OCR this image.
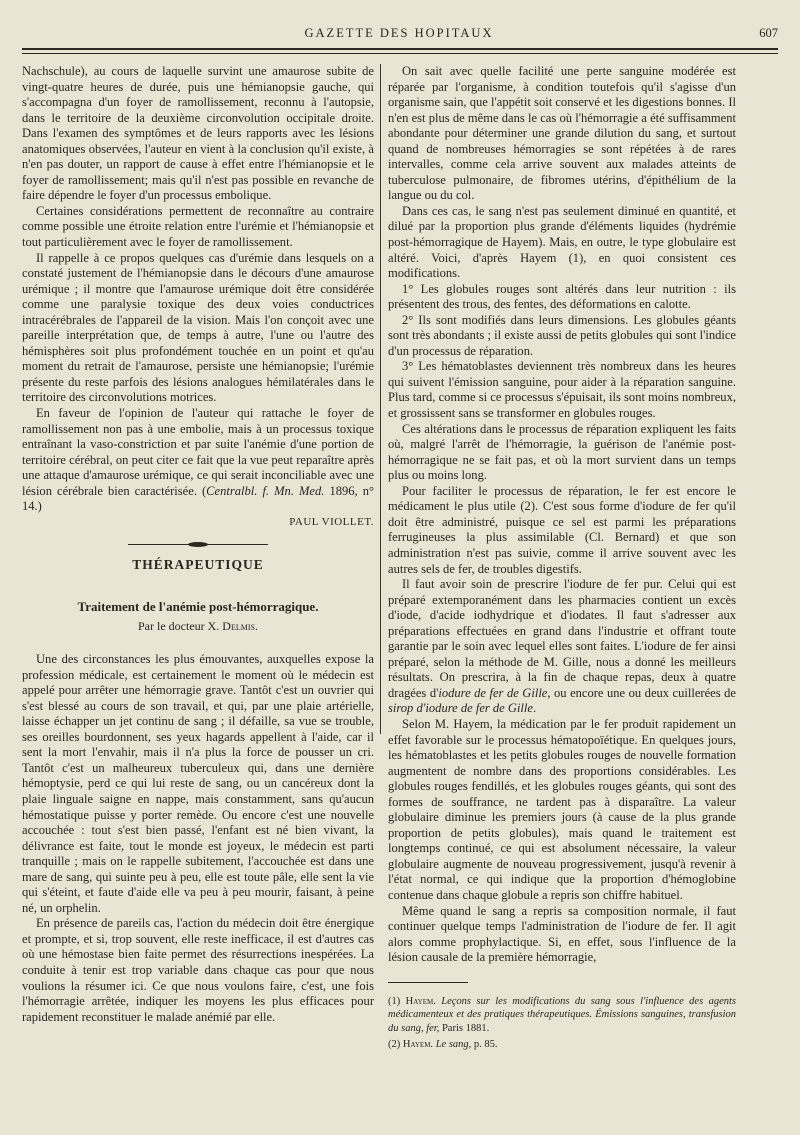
GAZETTE DES HOPITAUX	607

Nachschule), au cours de laquelle survint une amaurose subite de vingt-quatre heures de durée, puis une hémianopsie gauche, qui s'accompagna d'un foyer de ramollissement, reconnu à l'autopsie, dans le territoire de la deuxième circonvolution occipitale droite. Dans l'examen des symptômes et de leurs rapports avec les lésions anatomiques observées, l'auteur en vient à la conclusion qu'il existe, à n'en pas douter, un rapport de cause à effet entre l'hémianopsie et le foyer de ramollissement; mais qu'il n'est pas possible en revanche de faire dépendre le foyer d'un processus embolique.

Certaines considérations permettent de reconnaître au contraire comme possible une étroite relation entre l'urémie et l'hémianopsie et tout particulièrement avec le foyer de ramollissement.

Il rappelle à ce propos quelques cas d'urémie dans lesquels on a constaté justement de l'hémianopsie dans le décours d'une amaurose urémique ; il montre que l'amaurose urémique doit être considérée comme une paralysie toxique des deux voies conductrices intracérébrales de l'appareil de la vision. Mais l'on conçoit avec une pareille interprétation que, de temps à autre, l'une ou l'autre des hémisphères soit plus profondément touchée en un point et qu'au moment du retrait de l'amaurose, persiste une hémianopsie; l'urémie présente du reste parfois des lésions analogues hémilatérales dans le territoire des circonvolutions motrices.

En faveur de l'opinion de l'auteur qui rattache le foyer de ramollissement non pas à une embolie, mais à un processus toxique entraînant la vaso-constriction et par suite l'anémie d'une portion de territoire cérébral, on peut citer ce fait que la vue peut reparaître après une attaque d'amaurose urémique, ce qui serait inconciliable avec une lésion cérébrale bien caractérisée. (Centralbl. f. Mn. Med. 1896, n° 14.)

PAUL VIOLLET.
THÉRAPEUTIQUE
Traitement de l'anémie post-hémorragique.
Par le docteur X. Delmis.

Une des circonstances les plus émouvantes, auxquelles expose la profession médicale, est certainement le moment où le médecin est appelé pour arrêter une hémorragie grave. Tantôt c'est un ouvrier qui s'est blessé au cours de son travail, et qui, par une plaie artérielle, laisse échapper un jet continu de sang ; il défaille, sa vue se trouble, ses oreilles bourdonnent, ses yeux hagards appellent à l'aide, car il sent la mort l'envahir, mais il n'a plus la force de pousser un cri. Tantôt c'est un malheureux tuberculeux qui, dans une dernière hémoptysie, perd ce qui lui reste de sang, ou un cancéreux dont la plaie linguale saigne en nappe, mais constamment, sans qu'aucun hémostatique puisse y porter remède. Ou encore c'est une nouvelle accouchée : tout s'est bien passé, l'enfant est né bien vivant, la délivrance est faite, tout le monde est joyeux, le médecin est parti tranquille ; mais on le rappelle subitement, l'accouchée est dans une mare de sang, qui suinte peu à peu, elle est toute pâle, elle sent la vie qui s'éteint, et faute d'aide elle va peu à peu mourir, faisant, à peine né, un orphelin.

En présence de pareils cas, l'action du médecin doit être énergique et prompte, et si, trop souvent, elle reste inefficace, il est d'autres cas où une hémostase bien faite permet des résurrections inespérées. La conduite à tenir est trop variable dans chaque cas pour que nous voulions la résumer ici. Ce que nous voulons faire, c'est, une fois l'hémorragie arrêtée, indiquer les moyens les plus efficaces pour rapidement reconstituer le malade anémié par elle.

On sait avec quelle facilité une perte sanguine modérée est réparée par l'organisme, à condition toutefois qu'il s'agisse d'un organisme sain, que l'appétit soit conservé et les digestions bonnes. Il n'en est plus de même dans le cas où l'hémorragie a été suffisamment abondante pour déterminer une grande dilution du sang, et surtout quand de nombreuses hémorragies se sont répétées à de rares intervalles, comme cela arrive souvent aux malades atteints de tuberculose pulmonaire, de fibromes utérins, d'épithélium de la langue ou du col.

Dans ces cas, le sang n'est pas seulement diminué en quantité, et dilué par la proportion plus grande d'éléments liquides (hydrémie post-hémorragique de Hayem). Mais, en outre, le type globulaire est altéré. Voici, d'après Hayem (1), en quoi consistent ces modifications.

1° Les globules rouges sont altérés dans leur nutrition : ils présentent des trous, des fentes, des déformations en calotte.

2° Ils sont modifiés dans leurs dimensions. Les globules géants sont très abondants ; il existe aussi de petits globules qui sont l'indice d'un processus de réparation.

3° Les hématoblastes deviennent très nombreux dans les heures qui suivent l'émission sanguine, pour aider à la réparation sanguine. Plus tard, comme si ce processus s'épuisait, ils sont moins nombreux, et grossissent sans se transformer en globules rouges.

Ces altérations dans le processus de réparation expliquent les faits où, malgré l'arrêt de l'hémorragie, la guérison de l'anémie post-hémorragique ne se fait pas, et où la mort survient dans un temps plus ou moins long.

Pour faciliter le processus de réparation, le fer est encore le médicament le plus utile (2). C'est sous forme d'iodure de fer qu'il doit être administré, puisque ce sel est parmi les préparations ferrugineuses la plus assimilable (Cl. Bernard) et que son administration n'est pas suivie, comme il arrive souvent avec les autres sels de fer, de troubles digestifs.

Il faut avoir soin de prescrire l'iodure de fer pur. Celui qui est préparé extemporanément dans les pharmacies contient un excès d'iode, d'acide iodhydrique et d'iodates. Il faut s'adresser aux préparations effectuées en grand dans l'industrie et offrant toute garantie par le soin avec lequel elles sont faites. L'iodure de fer ainsi préparé, selon la méthode de M. Gille, nous a donné les meilleurs résultats. On prescrira, à la fin de chaque repas, deux à quatre dragées d'iodure de fer de Gille, ou encore une ou deux cuillerées de sirop d'iodure de fer de Gille.

Selon M. Hayem, la médication par le fer produit rapidement un effet favorable sur le processus hématopoïétique. En quelques jours, les hématoblastes et les petits globules rouges de nouvelle formation augmentent de nombre dans des proportions considérables. Les globules rouges fendillés, et les globules rouges géants, qui sont des formes de souffrance, ne tardent pas à disparaître. La valeur globulaire diminue les premiers jours (à cause de la plus grande proportion de petits globules), mais quand le traitement est longtemps continué, ce qui est absolument nécessaire, la valeur globulaire augmente de nouveau progressivement, jusqu'à revenir à l'état normal, ce qui indique que la proportion d'hémoglobine contenue dans chaque globule a repris son chiffre habituel.

Même quand le sang a repris sa composition normale, il faut continuer quelque temps l'administration de l'iodure de fer. Il agit alors comme prophylactique. Si, en effet, sous l'influence de la lésion causale de la première hémorragie,

(1) Hayem. Leçons sur les modifications du sang sous l'influence des agents médicamenteux et des pratiques thérapeutiques. Émissions sanguines, transfusion du sang, fer, Paris 1881.

(2) Hayem. Le sang, p. 85.
